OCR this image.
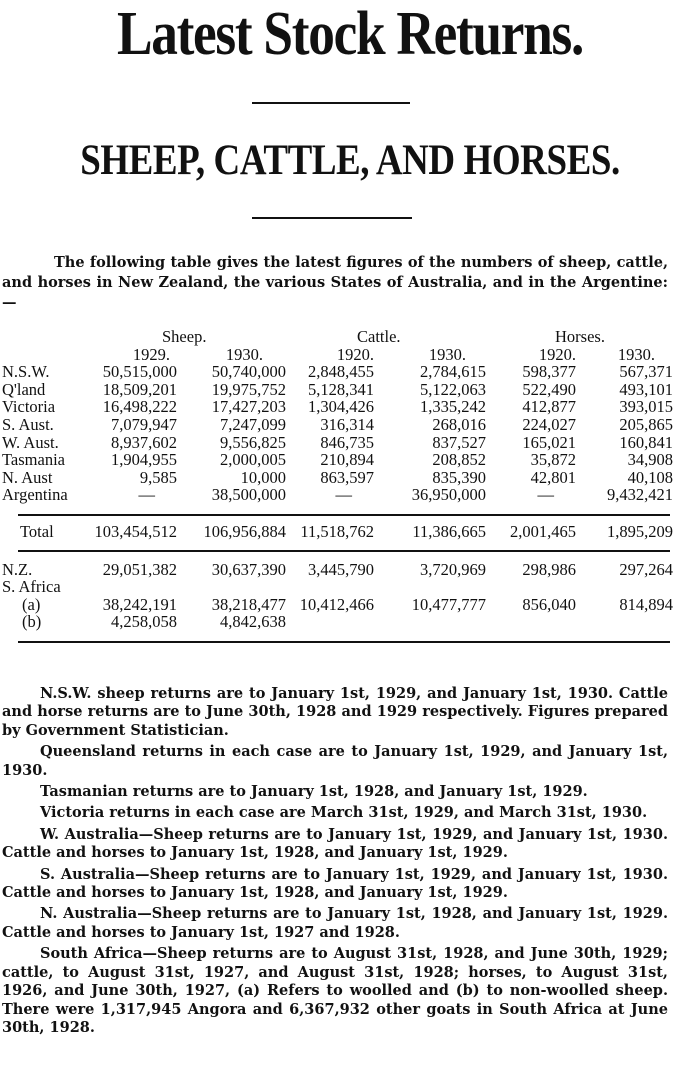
Latest Stock Returns.
SHEEP, CATTLE, AND HORSES.
The following table gives the latest figures of the numbers of sheep, cattle, and horses in New Zealand, the various States of Australia, and in the Argentine:—
Sheep.	Cattle.	Horses.
1929.	1930.	1920.	1930.	1920.	1930.
N.S.W.	50,515,000 50,740,000 2,848,455	2,784,615 598,377	567,371
Q'land	18,509,201 19,975,752 5,128,341	5,122,063 522,490	493,101
Victoria	16,498,222 17,427,203 1,304,426	1,335,242 412,877	393,015
S. Aust.	7,079,947	7,247,099 316,314	268,016 224,027	205,865
W. Aust.	8,937,602	9,556,825 846,735	837,527 165,021	160,841
Tasmania	1,904,955	2,000,005 210,894	208,852	35,872	34,908
N. Aust	9,585	10,000 863,597	835,390	42,801	40,108
Argentina	—	38,500,000	—	36,950,000	—	9,432,421
Total 103,454,512 106,956,884 11,518,762 11,386,665 2,001,465 1,895,209
N.Z.	29,051,382 30,637,390 3,445,790	3,720,969 298,986	297,264
S. Africa
(a)	38,242,191 38,218,477 10,412,466 10,477,777 856,040	814,894
(b)	4,258,058	4,842,638
N.S.W. sheep returns are to January 1st, 1929, and January 1st, 1930. Cattle and horse returns are to June 30th, 1928 and 1929 respectively. Figures prepared by Government Statistician.
Queensland returns in each case are to January 1st, 1929, and January 1st, 1930.
Tasmanian returns are to January 1st, 1928, and January 1st, 1929.
Victoria returns in each case are March 31st, 1929, and March 31st, 1930.
W. Australia—Sheep returns are to January 1st, 1929, and January 1st, 1930. Cattle and horses to January 1st, 1928, and January 1st, 1929.
S. Australia—Sheep returns are to January 1st, 1929, and January 1st, 1930. Cattle and horses to January 1st, 1928, and January 1st, 1929.
N. Australia—Sheep returns are to January 1st, 1928, and January 1st, 1929. Cattle and horses to January 1st, 1927 and 1928.
South Africa—Sheep returns are to August 31st, 1928, and June 30th, 1929; cattle, to August 31st, 1927, and August 31st, 1928; horses, to August 31st, 1926, and June 30th, 1927, (a) Refers to woolled and (b) to non-woolled sheep. There were 1,317,945 Angora and 6,367,932 other goats in South Africa at June 30th, 1928.
